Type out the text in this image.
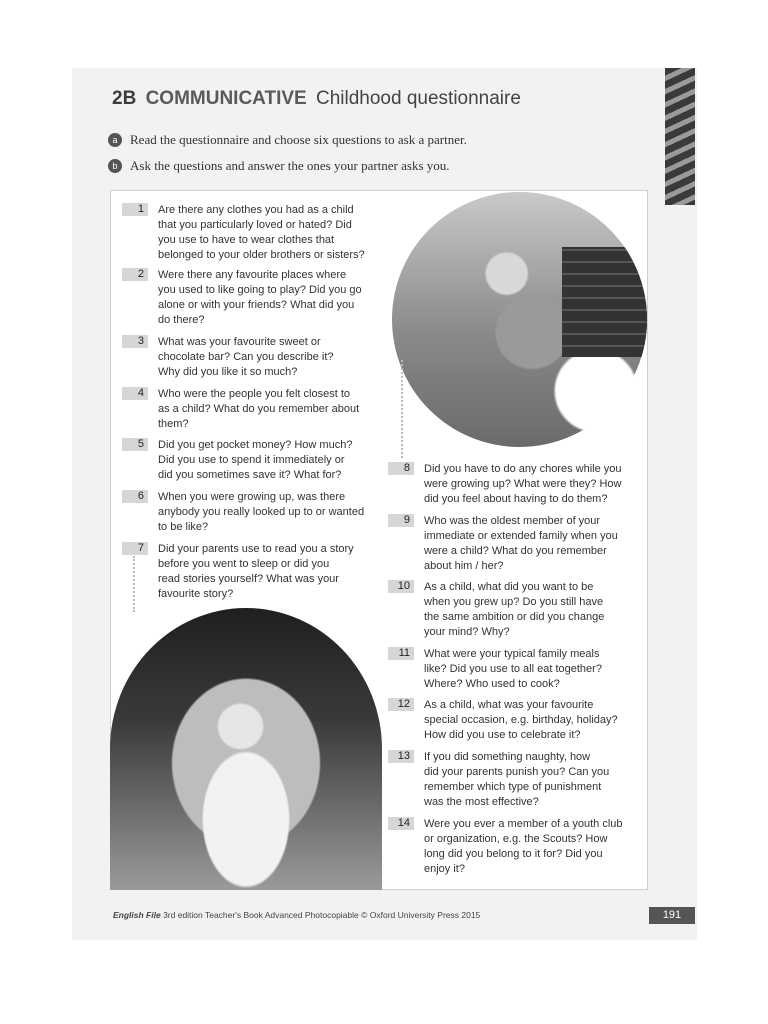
2B COMMUNICATIVE Childhood questionnaire
a Read the questionnaire and choose six questions to ask a partner.
b Ask the questions and answer the ones your partner asks you.
1	Are there any clothes you had as a child
that you particularly loved or hated? Did
you use to have to wear clothes that
belonged to your older brothers or sisters?
2	Were there any favourite places where
you used to like going to play? Did you go
alone or with your friends? What did you
do there?
3	What was your favourite sweet or
chocolate bar? Can you describe it?
Why did you like it so much?
4	Who were the people you felt closest to
as a child? What do you remember about
them?
5	Did you get pocket money? How much?
Did you use to spend it immediately or
did you sometimes save it? What for?
6	When you were growing up, was there
anybody you really looked up to or wanted
to be like?
7	Did your parents use to read you a story
before you went to sleep or did you
read stories yourself? What was your
favourite story?
8	Did you have to do any chores while you
were growing up? What were they? How
did you feel about having to do them?
9	Who was the oldest member of your
immediate or extended family when you
were a child? What do you remember
about him / her?
10	As a child, what did you want to be
when you grew up? Do you still have
the same ambition or did you change
your mind? Why?
11	What were your typical family meals
like? Did you use to all eat together?
Where? Who used to cook?
12	As a child, what was your favourite
special occasion, e.g. birthday, holiday?
How did you use to celebrate it?
13	If you did something naughty, how
did your parents punish you? Can you
remember which type of punishment
was the most effective?
14	Were you ever a member of a youth club
or organization, e.g. the Scouts? How
long did you belong to it for? Did you
enjoy it?
English File 3rd edition Teacher's Book Advanced Photocopiable © Oxford University Press 2015	191
